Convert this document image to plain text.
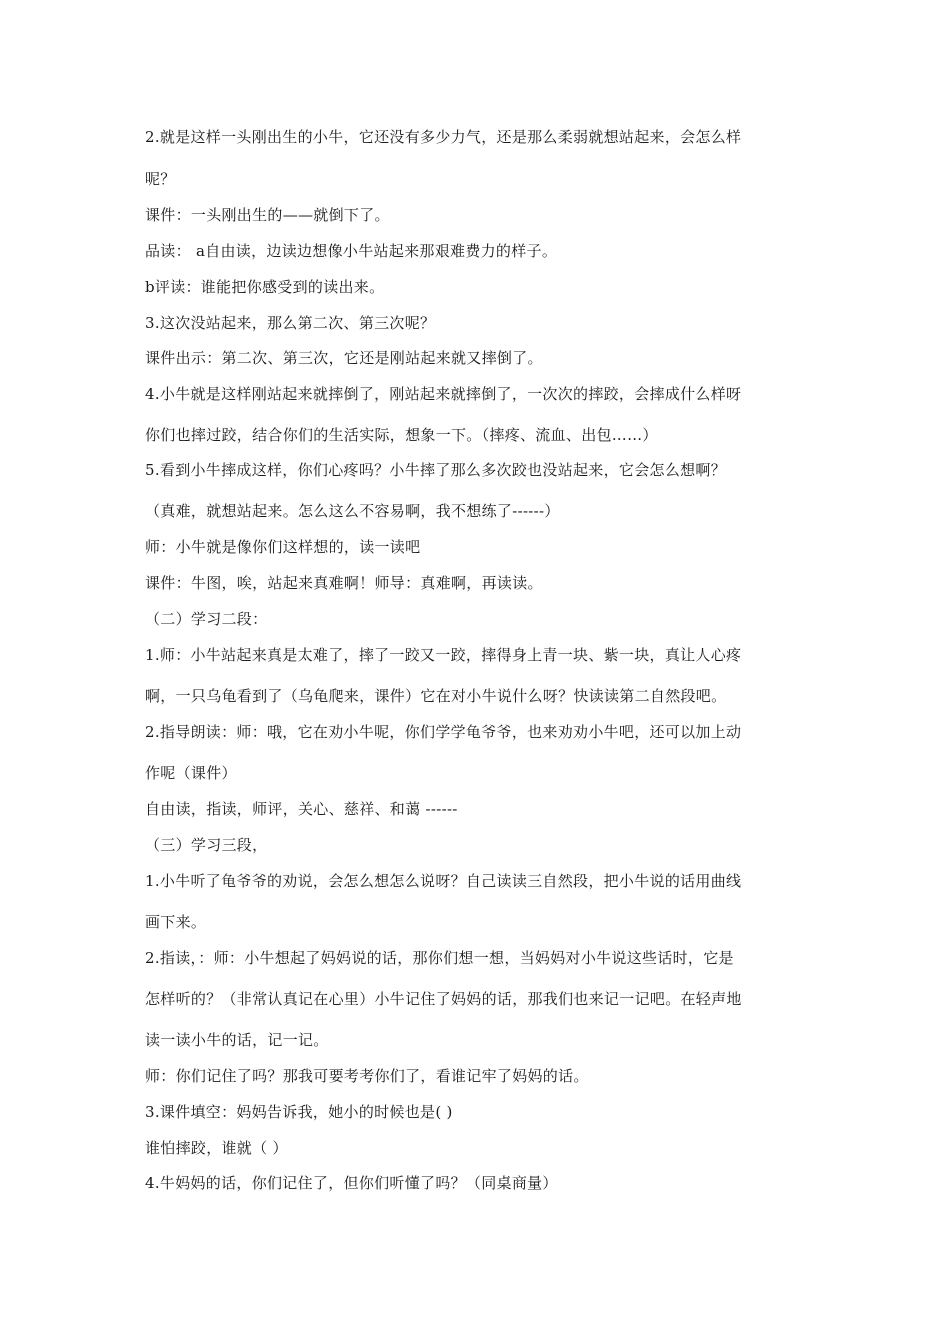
2.就是这样一头刚出生的小牛，它还没有多少力气，还是那么柔弱就想站起来，会怎么样
呢？
课件：一头刚出生的——就倒下了。
品读： a自由读，边读边想像小牛站起来那艰难费力的样子。
b评读：谁能把你感受到的读出来。
3.这次没站起来，那么第二次、第三次呢？
课件出示：第二次、第三次，它还是刚站起来就又摔倒了。
4.小牛就是这样刚站起来就摔倒了，刚站起来就摔倒了，一次次的摔跤，会摔成什么样呀
你们也摔过跤，结合你们的生活实际，想象一下。（摔疼、流血、出包……）
5.看到小牛摔成这样，你们心疼吗？小牛摔了那么多次跤也没站起来，它会怎么想啊？
（真难，就想站起来。怎么这么不容易啊，我不想练了------）
师：小牛就是像你们这样想的，读一读吧
课件：牛图，唉，站起来真难啊！师导：真难啊，再读读。
（二）学习二段：
1.师：小牛站起来真是太难了，摔了一跤又一跤，摔得身上青一块、紫一块，真让人心疼
啊，一只乌龟看到了（乌龟爬来，课件）它在对小牛说什么呀？快读读第二自然段吧。
2.指导朗读：师：哦，它在劝小牛呢，你们学学龟爷爷，也来劝劝小牛吧，还可以加上动
作呢（课件）
自由读，指读，师评，关心、慈祥、和蔼 ------
（三）学习三段，
1.小牛听了龟爷爷的劝说，会怎么想怎么说呀？自己读读三自然段，把小牛说的话用曲线
画下来。
2.指读，：师：小牛想起了妈妈说的话，那你们想一想，当妈妈对小牛说这些话时，它是
怎样听的？（非常认真记在心里）小牛记住了妈妈的话，那我们也来记一记吧。在轻声地
读一读小牛的话，记一记。
师：你们记住了吗？那我可要考考你们了，看谁记牢了妈妈的话。
3.课件填空：妈妈告诉我，她小的时候也是( )
谁怕摔跤，谁就（ ）
4.牛妈妈的话，你们记住了，但你们听懂了吗？（同桌商量）
